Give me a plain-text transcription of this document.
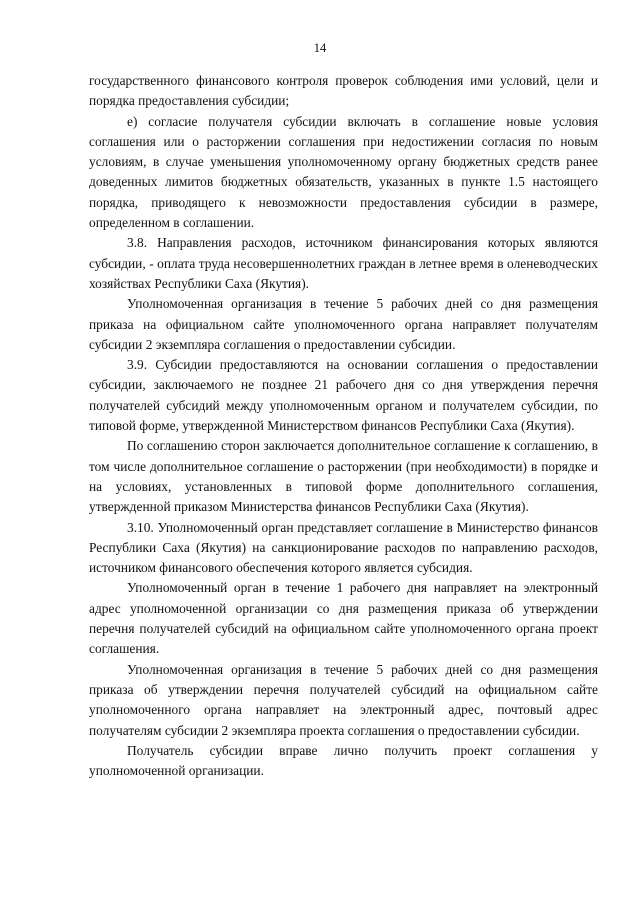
14

государственного финансового контроля проверок соблюдения ими условий, цели и порядка предоставления субсидии;

е) согласие получателя субсидии включать в соглашение новые условия соглашения или о расторжении соглашения при недостижении согласия по новым условиям, в случае уменьшения уполномоченному органу бюджетных средств ранее доведенных лимитов бюджетных обязательств, указанных в пункте 1.5 настоящего порядка, приводящего к невозможности предоставления субсидии в размере, определенном в соглашении.

3.8. Направления расходов, источником финансирования которых являются субсидии, - оплата труда несовершеннолетних граждан в летнее время в оленеводческих хозяйствах Республики Саха (Якутия).

Уполномоченная организация в течение 5 рабочих дней со дня размещения приказа на официальном сайте уполномоченного органа направляет получателям субсидии 2 экземпляра соглашения о предоставлении субсидии.

3.9. Субсидии предоставляются на основании соглашения о предоставлении субсидии, заключаемого не позднее 21 рабочего дня со дня утверждения перечня получателей субсидий между уполномоченным органом и получателем субсидии, по типовой форме, утвержденной Министерством финансов Республики Саха (Якутия).

По соглашению сторон заключается дополнительное соглашение к соглашению, в том числе дополнительное соглашение о расторжении (при необходимости) в порядке и на условиях, установленных в типовой форме дополнительного соглашения, утвержденной приказом Министерства финансов Республики Саха (Якутия).

3.10. Уполномоченный орган представляет соглашение в Министерство финансов Республики Саха (Якутия) на санкционирование расходов по направлению расходов, источником финансового обеспечения которого является субсидия.

Уполномоченный орган в течение 1 рабочего дня направляет на электронный адрес уполномоченной организации со дня размещения приказа об утверждении перечня получателей субсидий на официальном сайте уполномоченного органа проект соглашения.

Уполномоченная организация в течение 5 рабочих дней со дня размещения приказа об утверждении перечня получателей субсидий на официальном сайте уполномоченного органа направляет на электронный адрес, почтовый адрес получателям субсидии 2 экземпляра проекта соглашения о предоставлении субсидии.

Получатель субсидии вправе лично получить проект соглашения у уполномоченной организации.
